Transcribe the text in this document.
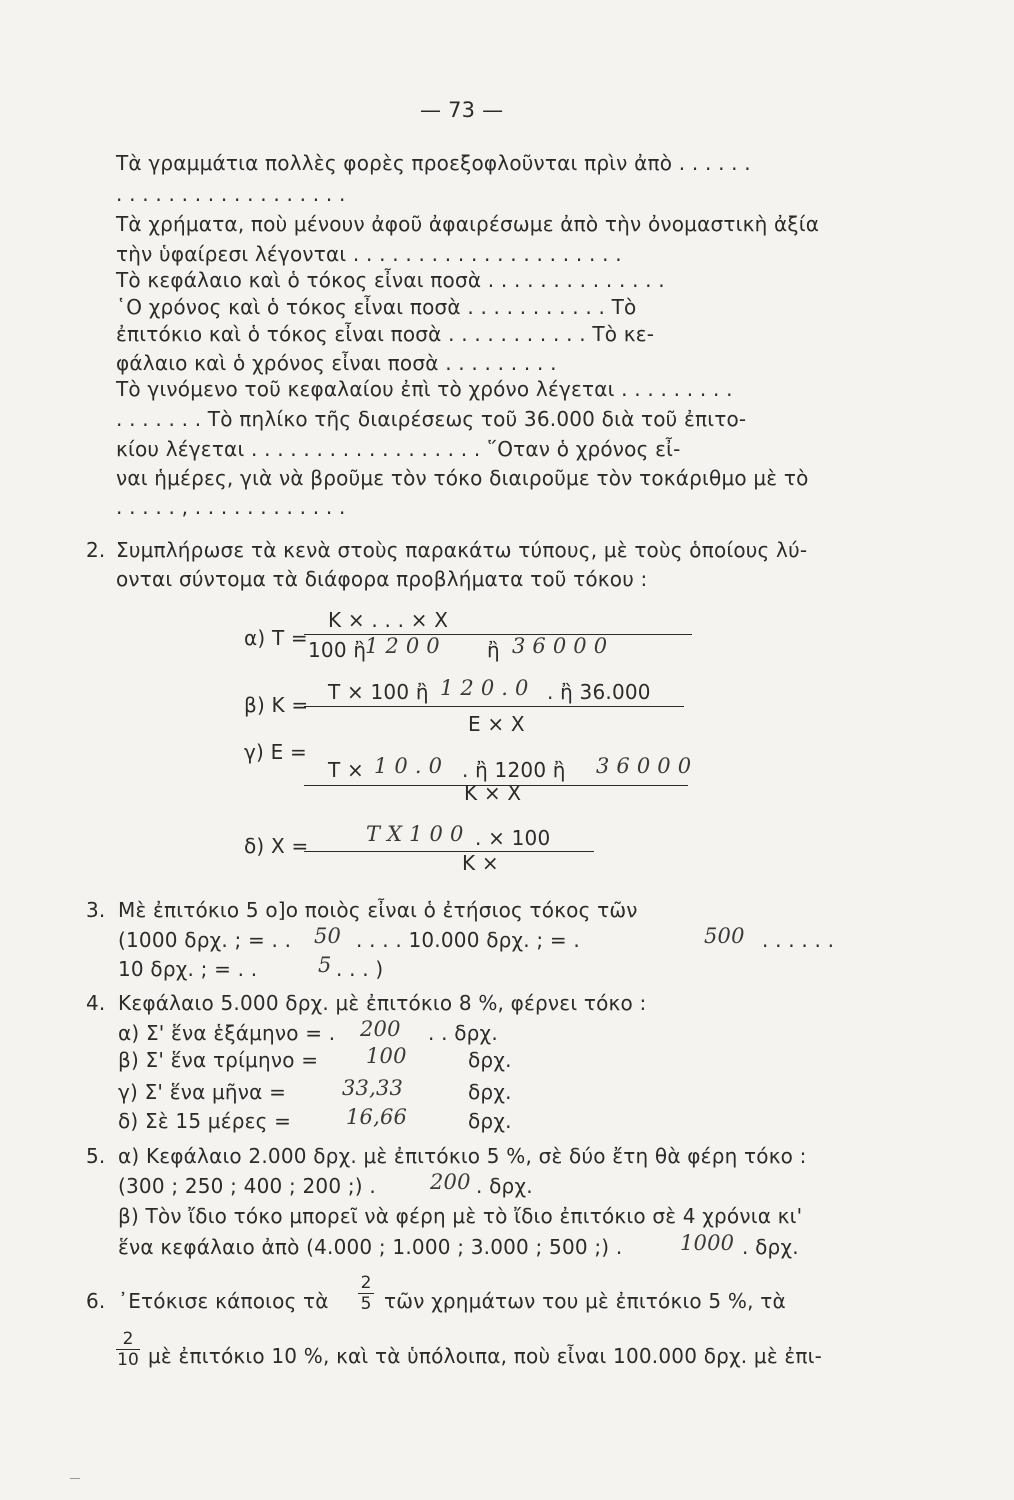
— 73 —
Τὰ γραμμάτια πολλὲς φορὲς προεξοφλοῦνται πρὶν ἀπὸ . . . . . .
. . . . . . . . . . . . . . . . . .
Τὰ χρήματα, ποὺ μένουν ἀφοῦ ἀφαιρέσωμε ἀπὸ τὴν ὀνομαστικὴ ἀξία
τὴν ὑφαίρεσι λέγονται . . . . . . . . . . . . . . . . . . . . .
Τὸ κεφάλαιο καὶ ὁ τόκος εἶναι ποσὰ . . . . . . . . . . . . . .
῾Ο χρόνος καὶ ὁ τόκος εἶναι ποσὰ . . . . . . . . . . . Τὸ
ἐπιτόκιο καὶ ὁ τόκος εἶναι ποσὰ . . . . . . . . . . . Τὸ κε-
φάλαιο καὶ ὁ χρόνος εἶναι ποσὰ . . . . . . . . .
Τὸ γινόμενο τοῦ κεφαλαίου ἐπὶ τὸ χρόνο λέγεται . . . . . . . . .
. . . . . . . Τὸ πηλίκο τῆς διαιρέσεως τοῦ 36.000 διὰ τοῦ ἐπιτο-
κίου λέγεται . . . . . . . . . . . . . . . . . . ῞Οταν ὁ χρόνος εἶ-
ναι ἡμέρες, γιὰ νὰ βροῦμε τὸν τόκο διαιροῦμε τὸν τοκάριθμο μὲ τὸ
. . . . . , . . . . . . . . . . . .
2. Συμπλήρωσε τὰ κενὰ στοὺς παρακάτω τύπους, μὲ τοὺς ὁποίους λύ-
ονται σύντομα τὰ διάφορα προβλήματα τοῦ τόκου :
α) Τ =
Κ × . . . × Χ
100 ἢ
1 2 0 0 ἢ 3 6 0 0 0
β) Κ =
Τ × 100 ἢ 1 2 0 . 0 . ἢ 36.000
Ε × Χ
γ) Ε =
Τ × 1 0 . 0 . ἢ 1200 ἢ 3 6 0 0 0
Κ × Χ
δ) Χ =	T X 1 0 0 . × 100
Κ ×
3. Μὲ ἐπιτόκιο 5 o]o ποιὸς εἶναι ὁ ἐτήσιος τόκος τῶν
(1000 δρχ. ; = . . 50 . . . . 10.000 δρχ. ; = .	500 . . . . . .
10 δρχ. ; = . .	5 . . . )
4. Κεφάλαιο 5.000 δρχ. μὲ ἐπιτόκιο 8 %, φέρνει τόκο :
α) Σ' ἕνα ἑξάμηνο = . 200 . . δρχ.
β) Σ' ἕνα τρίμηνο = 100	δρχ.
γ) Σ' ἕνα μῆνα =	33,33	δρχ.
δ) Σὲ 15 μέρες =	16,66	δρχ.
5. α) Κεφάλαιο 2.000 δρχ. μὲ ἐπιτόκιο 5 %, σὲ δύο ἔτη θὰ φέρη τόκο :
(300 ; 250 ; 400 ; 200 ;) .	200 . δρχ.
β) Τὸν ἴδιο τόκο μπορεῖ νὰ φέρη μὲ τὸ ἴδιο ἐπιτόκιο σὲ 4 χρόνια κι'
ἕνα κεφάλαιο ἀπὸ (4.000 ; 1.000 ; 3.000 ; 500 ;) .	1000 . δρχ.
6. ᾿Ετόκισε κάποιος τὰ
2
5 τῶν χρημάτων του μὲ ἐπιτόκιο 5 %, τὰ
2
10 μὲ ἐπιτόκιο 10 %, καὶ τὰ ὑπόλοιπα, ποὺ εἶναι 100.000 δρχ. μὲ ἐπι-
